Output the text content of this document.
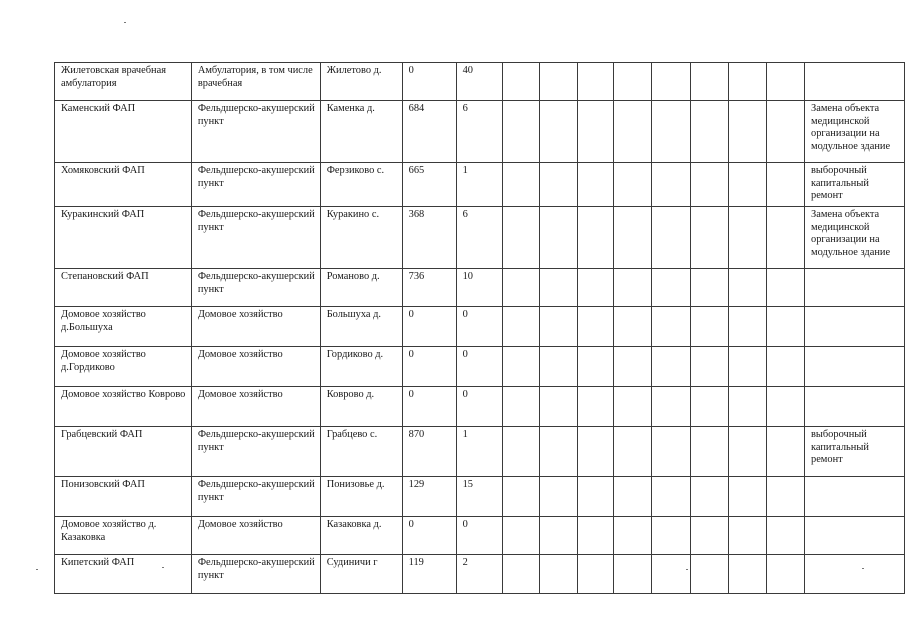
Жилетовская врачебная амбулатория	Амбулатория, в том числе врачебная	Жилетово д.	0	40									
Каменский ФАП	Фельдшерско-акушерский пункт	Каменка д.	684	6									Замена объекта медицинской организации на модульное здание
Хомяковский ФАП	Фельдшерско-акушерский пункт	Ферзиково с.	665	1									выборочный капитальный ремонт
Куракинский ФАП	Фельдшерско-акушерский пункт	Куракино с.	368	6									Замена объекта медицинской организации на модульное здание
Степановский ФАП	Фельдшерско-акушерский пункт	Романово д.	736	10									
Домовое хозяйство д.Большуха	Домовое хозяйство	Большуха д.	0	0									
Домовое хозяйство д.Гордиково	Домовое хозяйство	Гордиково д.	0	0									
Домовое хозяйство Коврово	Домовое хозяйство	Коврово д.	0	0									
Грабцевский ФАП	Фельдшерско-акушерский пункт	Грабцево с.	870	1									выборочный капитальный ремонт
Понизовский ФАП	Фельдшерско-акушерский пункт	Понизовье д.	129	15									
Домовое хозяйство д. Казаковка	Домовое хозяйство	Казаковка д.	0	0									
Кипетский ФАП	Фельдшерско-акушерский пункт	Судиничи г	119	2									
